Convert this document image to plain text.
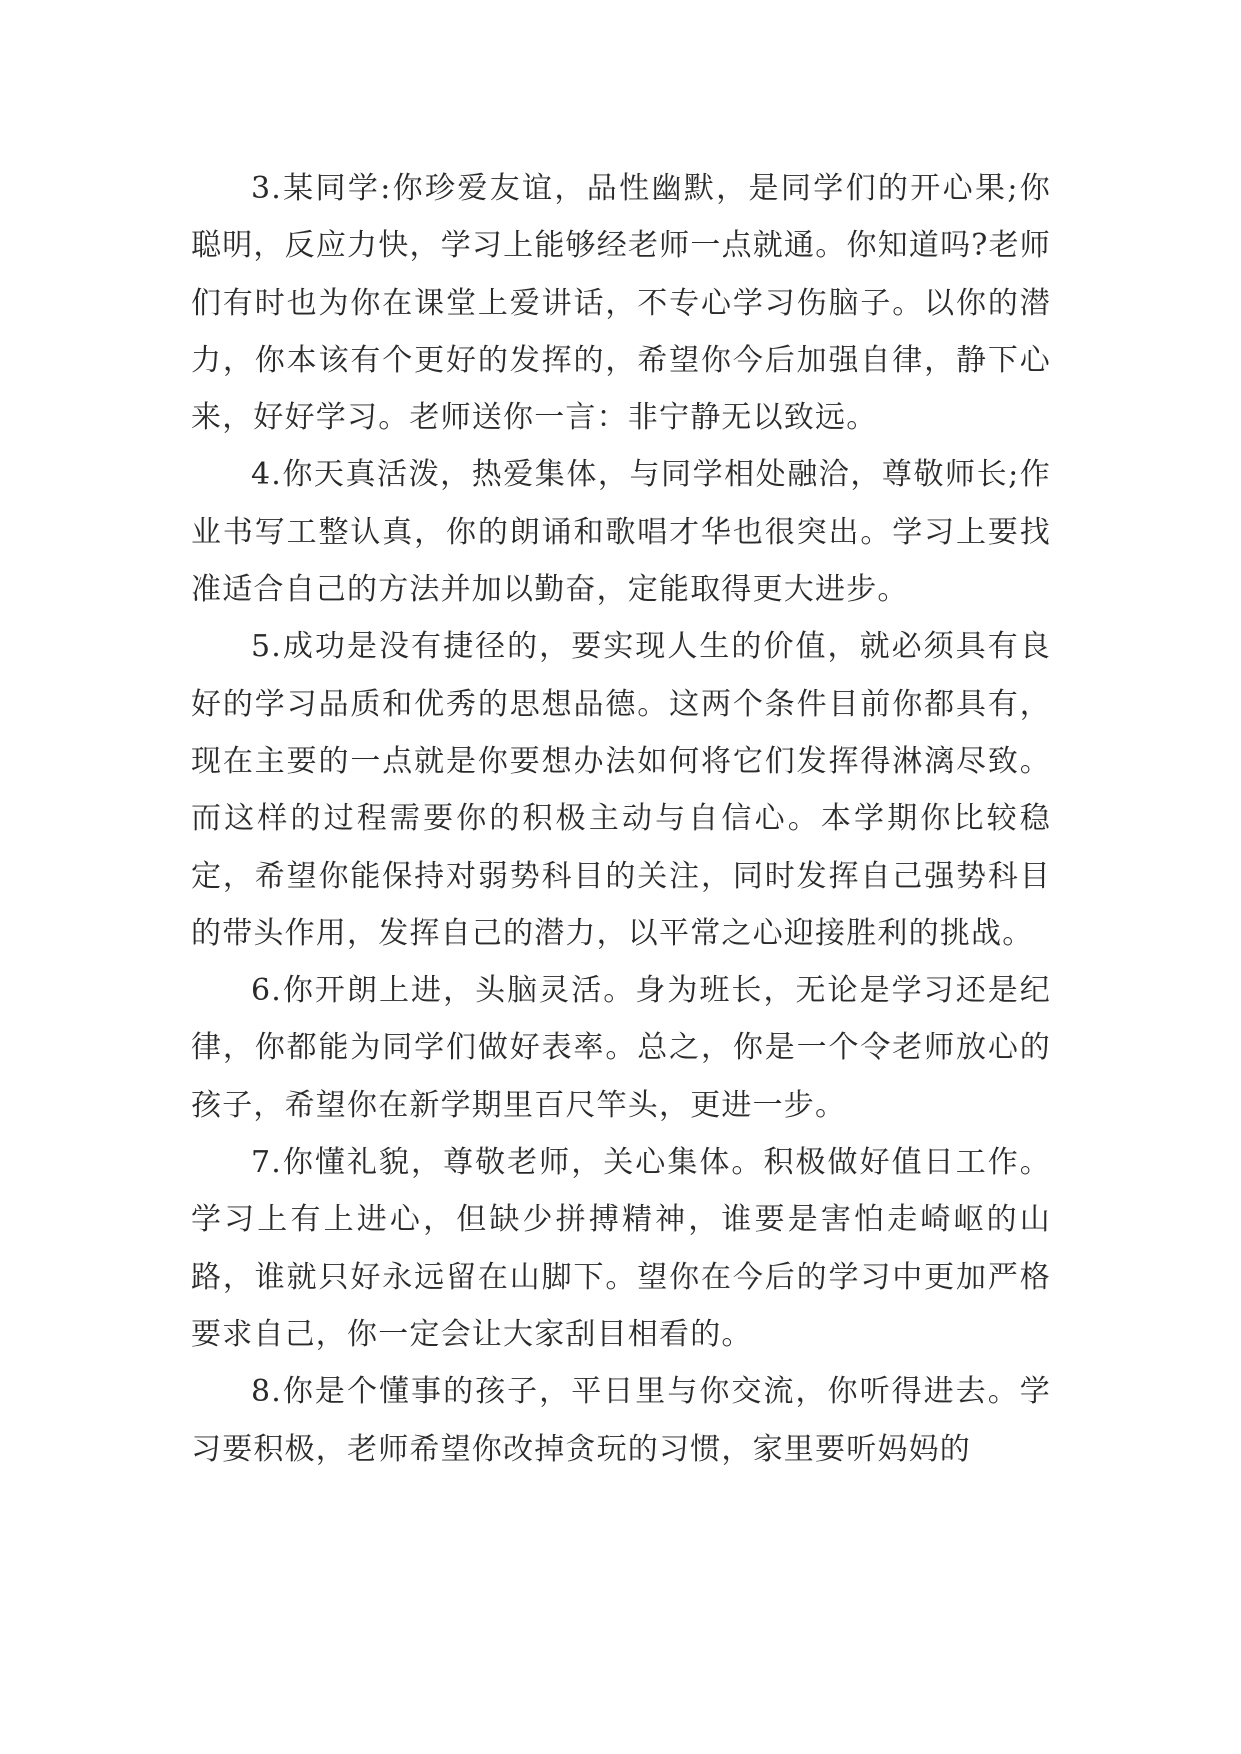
3.某同学:你珍爱友谊，品性幽默，是同学们的开心果;你聪明，反应力快，学习上能够经老师一点就通。你知道吗?老师们有时也为你在课堂上爱讲话，不专心学习伤脑子。以你的潜力，你本该有个更好的发挥的，希望你今后加强自律，静下心来，好好学习。老师送你一言：非宁静无以致远。

4.你天真活泼，热爱集体，与同学相处融洽，尊敬师长;作业书写工整认真，你的朗诵和歌唱才华也很突出。学习上要找准适合自己的方法并加以勤奋，定能取得更大进步。

5.成功是没有捷径的，要实现人生的价值，就必须具有良好的学习品质和优秀的思想品德。这两个条件目前你都具有，现在主要的一点就是你要想办法如何将它们发挥得淋漓尽致。而这样的过程需要你的积极主动与自信心。本学期你比较稳定，希望你能保持对弱势科目的关注，同时发挥自己强势科目的带头作用，发挥自己的潜力，以平常之心迎接胜利的挑战。

6.你开朗上进，头脑灵活。身为班长，无论是学习还是纪律，你都能为同学们做好表率。总之，你是一个令老师放心的孩子，希望你在新学期里百尺竿头，更进一步。

7.你懂礼貌，尊敬老师，关心集体。积极做好值日工作。学习上有上进心，但缺少拼搏精神，谁要是害怕走崎岖的山路，谁就只好永远留在山脚下。望你在今后的学习中更加严格要求自己，你一定会让大家刮目相看的。

8.你是个懂事的孩子，平日里与你交流，你听得进去。学习要积极，老师希望你改掉贪玩的习惯，家里要听妈妈的
